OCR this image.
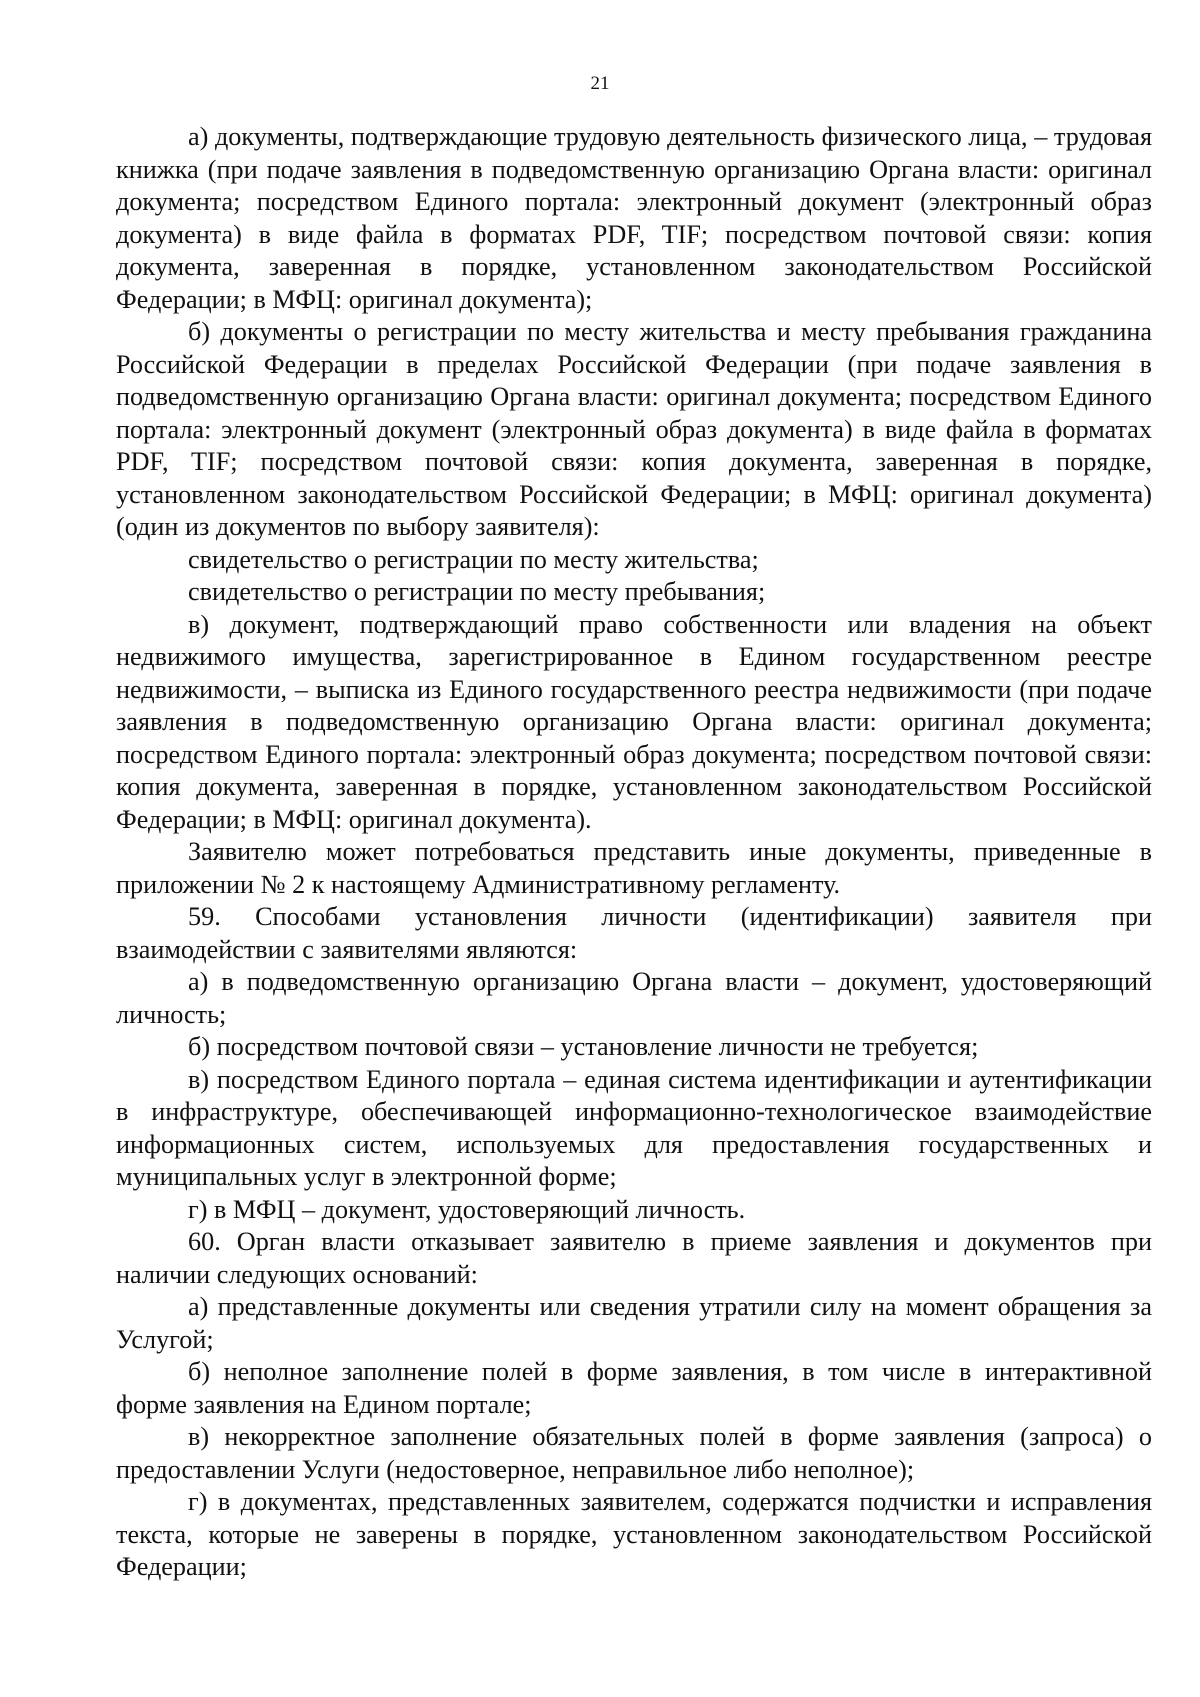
21

а) документы, подтверждающие трудовую деятельность физического лица, – трудовая книжка (при подаче заявления в подведомственную организацию Органа власти: оригинал документа; посредством Единого портала: электронный документ (электронный образ документа) в виде файла в форматах PDF, TIF; посредством почтовой связи: копия документа, заверенная в порядке, установленном законодательством Российской Федерации; в МФЦ: оригинал документа);

б) документы о регистрации по месту жительства и месту пребывания гражданина Российской Федерации в пределах Российской Федерации (при подаче заявления в подведомственную организацию Органа власти: оригинал документа; посредством Единого портала: электронный документ (электронный образ документа) в виде файла в форматах PDF, TIF; посредством почтовой связи: копия документа, заверенная в порядке, установленном законодательством Российской Федерации; в МФЦ: оригинал документа) (один из документов по выбору заявителя):

свидетельство о регистрации по месту жительства;

свидетельство о регистрации по месту пребывания;

в) документ, подтверждающий право собственности или владения на объект недвижимого имущества, зарегистрированное в Едином государственном реестре недвижимости, – выписка из Единого государственного реестра недвижимости (при подаче заявления в подведомственную организацию Органа власти: оригинал документа; посредством Единого портала: электронный образ документа; посредством почтовой связи: копия документа, заверенная в порядке, установленном законодательством Российской Федерации; в МФЦ: оригинал документа).

Заявителю может потребоваться представить иные документы, приведенные в приложении № 2 к настоящему Административному регламенту.

59. Способами установления личности (идентификации) заявителя при взаимодействии с заявителями являются:

а) в подведомственную организацию Органа власти – документ, удостоверяющий личность;

б) посредством почтовой связи – установление личности не требуется;

в) посредством Единого портала – единая система идентификации и аутентификации в инфраструктуре, обеспечивающей информационно-технологическое взаимодействие информационных систем, используемых для предоставления государственных и муниципальных услуг в электронной форме;

г) в МФЦ – документ, удостоверяющий личность.

60. Орган власти отказывает заявителю в приеме заявления и документов при наличии следующих оснований:

а) представленные документы или сведения утратили силу на момент обращения за Услугой;

б) неполное заполнение полей в форме заявления, в том числе в интерактивной форме заявления на Едином портале;

в) некорректное заполнение обязательных полей в форме заявления (запроса) о предоставлении Услуги (недостоверное, неправильное либо неполное);

г) в документах, представленных заявителем, содержатся подчистки и исправления текста, которые не заверены в порядке, установленном законодательством Российской Федерации;
